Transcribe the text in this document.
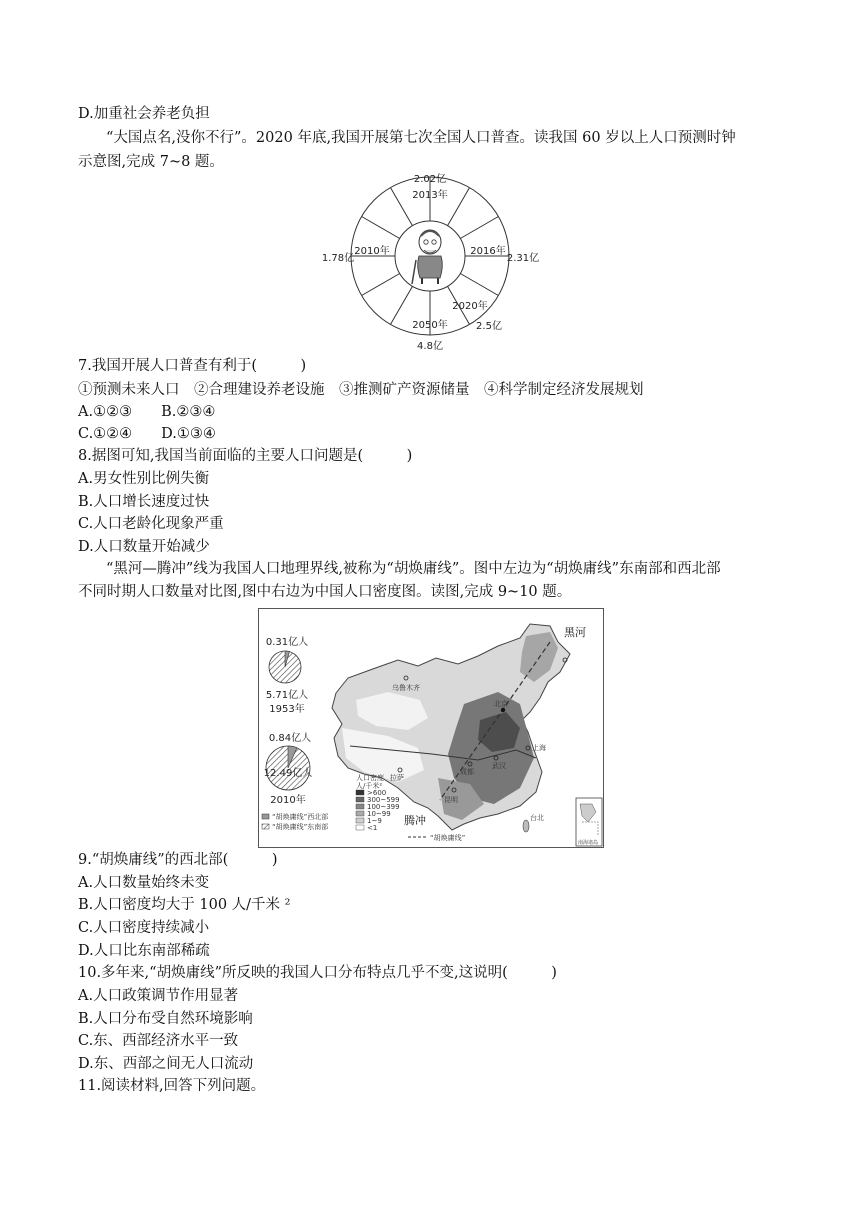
D.加重社会养老负担
“大国点名,没你不行”。2020 年底,我国开展第七次全国人口普查。读我国 60 岁以上人口预测时钟
示意图,完成 7~8 题。
2.02亿
2013年
2010年	2016年
1.78亿	2.31亿
2020年
2050年	2.5亿
4.8亿
7.我国开展人口普查有利于(　　　)
①预测未来人口　②合理建设养老设施　③推测矿产资源储量　④科学制定经济发展规划
A.①②③　　B.②③④
C.①②④　　D.①③④
8.据图可知,我国当前面临的主要人口问题是(　　　)
A.男女性别比例失衡
B.人口增长速度过快
C.人口老龄化现象严重
D.人口数量开始减少
“黑河—腾冲”线为我国人口地理界线,被称为“胡焕庸线”。图中左边为“胡焕庸线”东南部和西北部
不同时期人口数量对比图,图中右边为中国人口密度图。读图,完成 9~10 题。
0.31亿人
5.71亿人
1953年
0.84亿人
12.49亿人
2010年
“胡焕庸线”西北部
“胡焕庸线”东南部
黑河
腾冲
北京
上海
乌鲁木齐
拉萨
武汉
成都
昆明
台北
人口密度
人/千米²
>600
300~599
100~399
10~99
1~9
<1
“胡焕庸线”
南海诸岛
9.“胡焕庸线”的西北部(　　　)
A.人口数量始终未变
B.人口密度均大于 100 人/千米 ²
C.人口密度持续减小
D.人口比东南部稀疏
10.多年来,“胡焕庸线”所反映的我国人口分布特点几乎不变,这说明(　　　)
A.人口政策调节作用显著
B.人口分布受自然环境影响
C.东、西部经济水平一致
D.东、西部之间无人口流动
11.阅读材料,回答下列问题。
